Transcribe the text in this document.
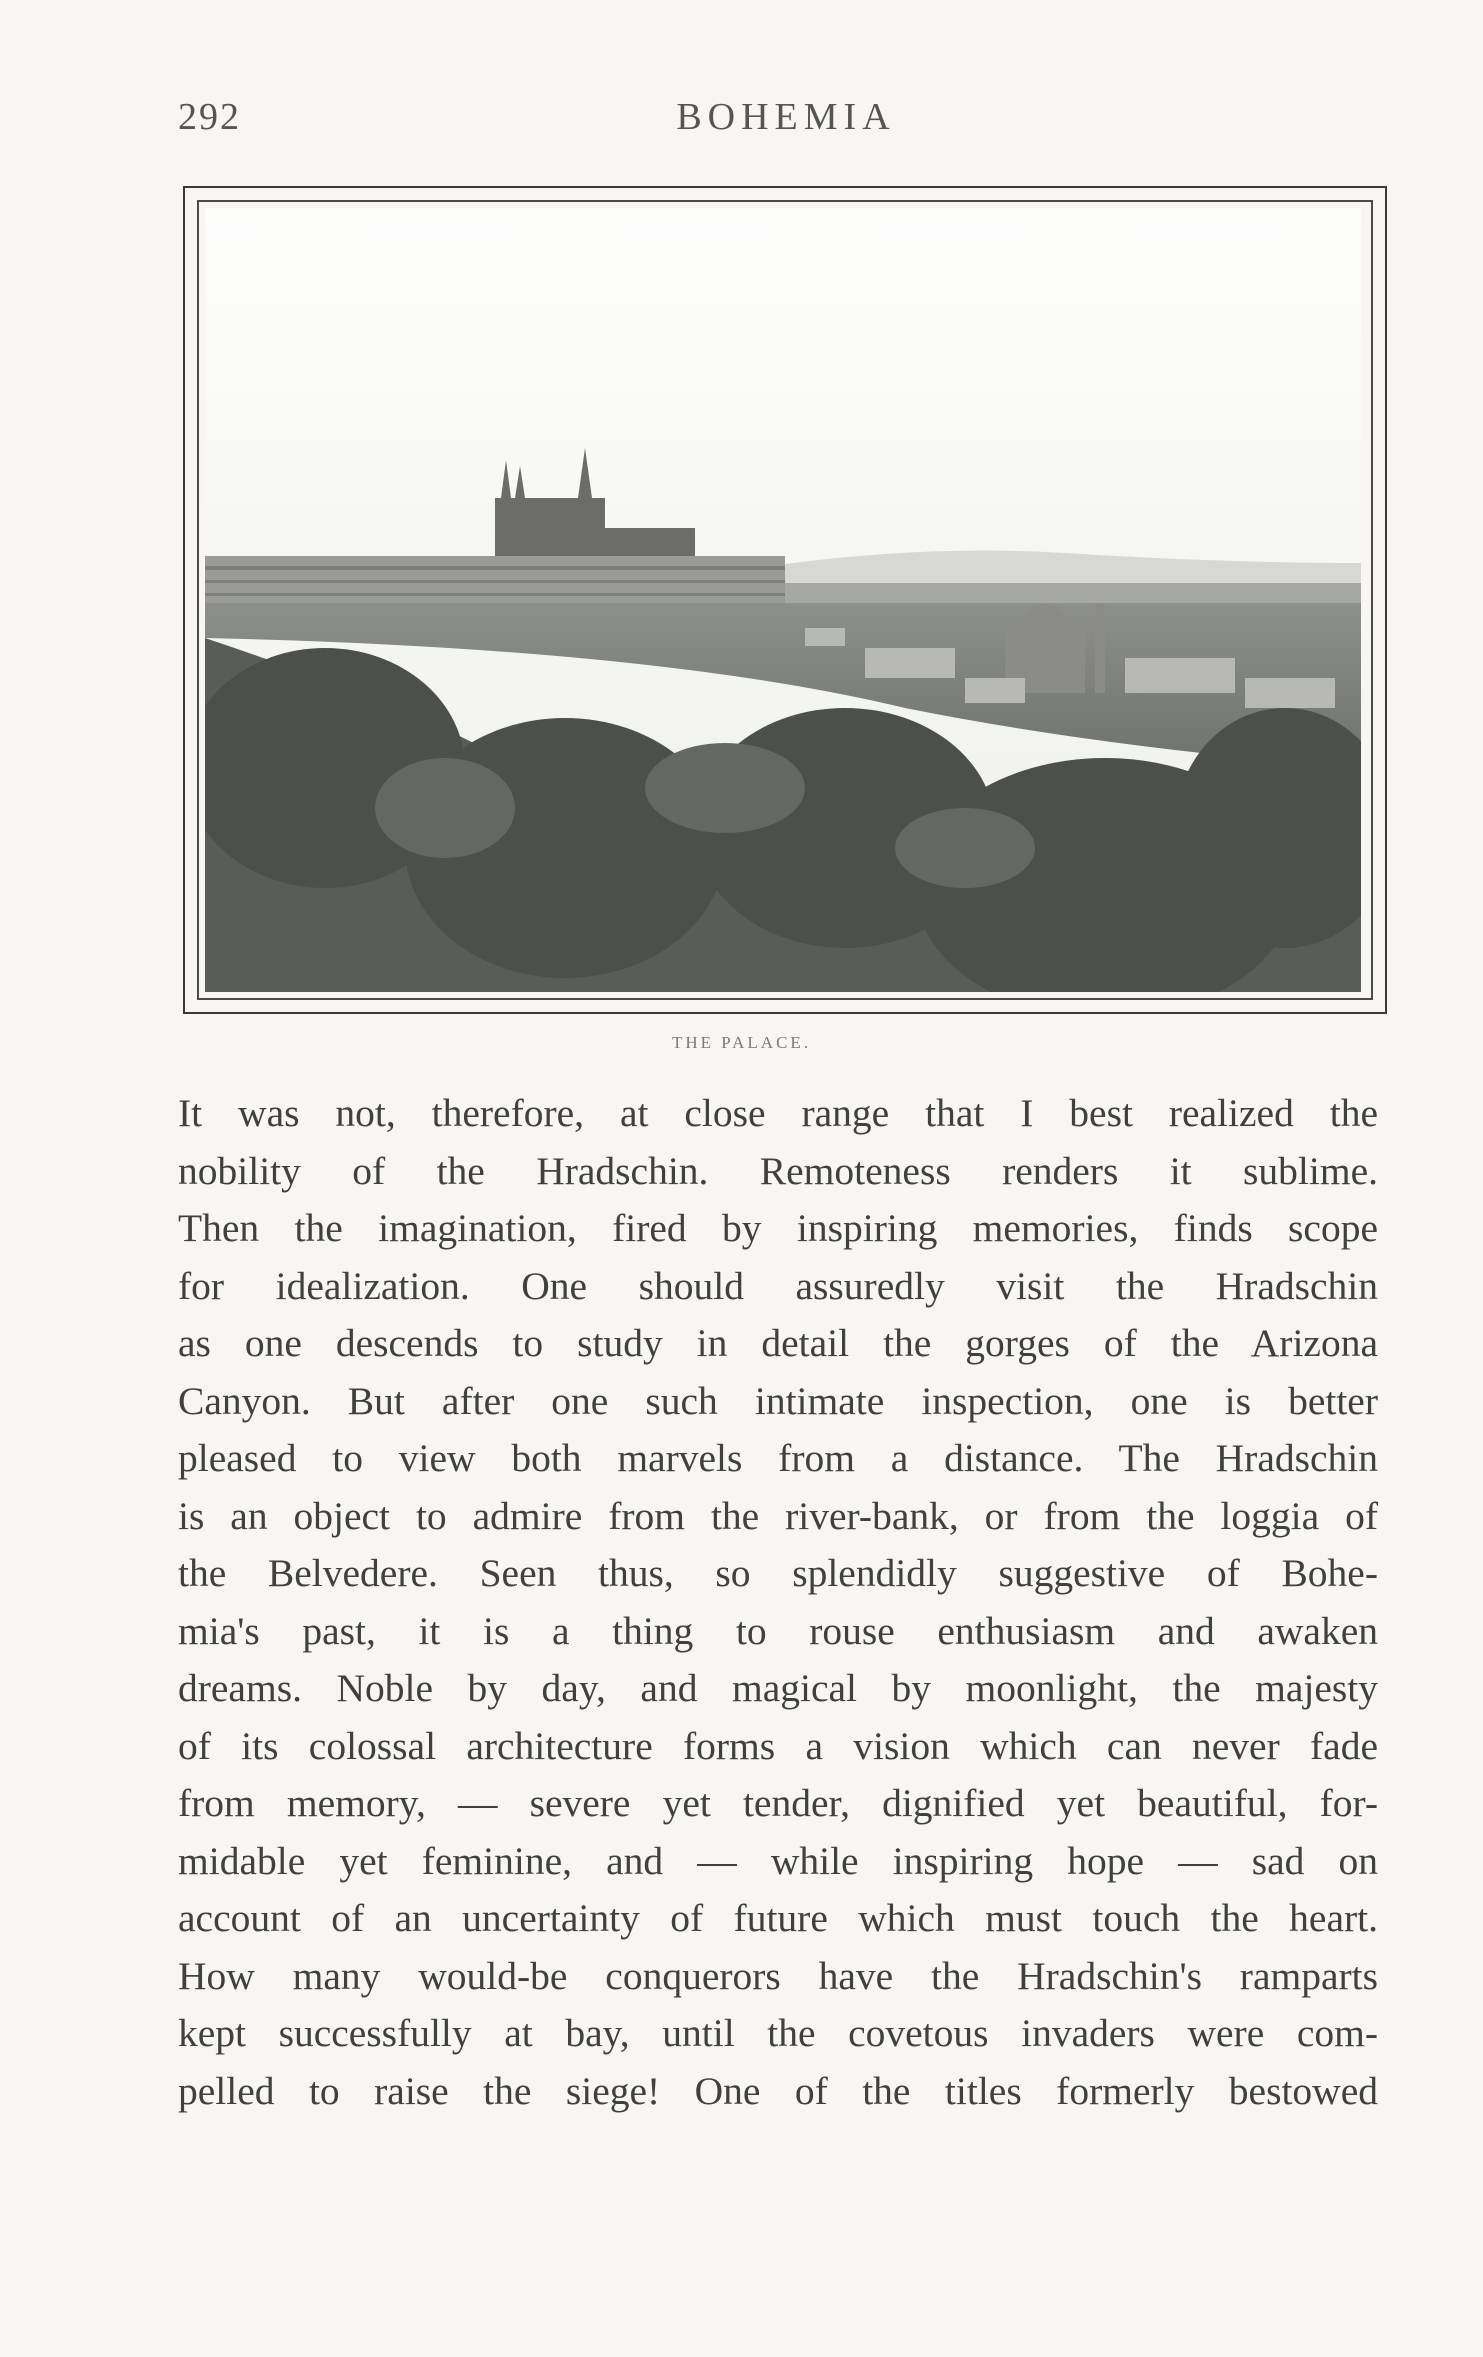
292	BOHEMIA
THE PALACE.
It was not, therefore, at close range that I best realized the
nobility of the Hradschin. Remoteness renders it sublime.
Then the imagination, fired by inspiring memories, finds scope
for idealization. One should assuredly visit the Hradschin
as one descends to study in detail the gorges of the Arizona
Canyon. But after one such intimate inspection, one is better
pleased to view both marvels from a distance. The Hradschin
is an object to admire from the river-bank, or from the loggia of
the Belvedere. Seen thus, so splendidly suggestive of Bohe-
mia's past, it is a thing to rouse enthusiasm and awaken
dreams. Noble by day, and magical by moonlight, the majesty
of its colossal architecture forms a vision which can never fade
from memory, — severe yet tender, dignified yet beautiful, for-
midable yet feminine, and — while inspiring hope — sad on
account of an uncertainty of future which must touch the heart.
How many would-be conquerors have the Hradschin's ramparts
kept successfully at bay, until the covetous invaders were com-
pelled to raise the siege! One of the titles formerly bestowed
